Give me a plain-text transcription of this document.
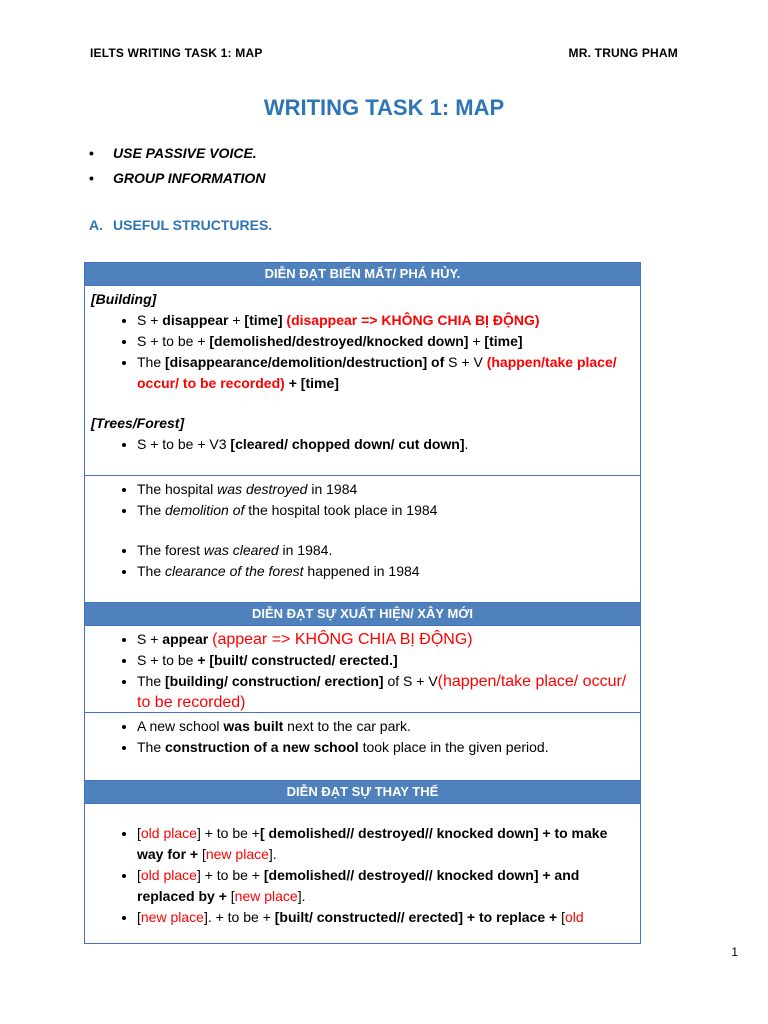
IELTS WRITING TASK 1: MAP	MR. TRUNG PHAM
WRITING TASK 1: MAP
• USE PASSIVE VOICE.
• GROUP INFORMATION
A. USEFUL STRUCTURES.
DIỄN ĐẠT BIẾN MẤT/ PHÁ HỦY.
[Building]
• S + disappear + [time] (disappear => KHÔNG CHIA BỊ ĐỘNG)
• S + to be + [demolished/destroyed/knocked down] + [time]
• The [disappearance/demolition/destruction] of S + V (happen/take place/ occur/ to be recorded) + [time]
[Trees/Forest]
• S + to be + V3 [cleared/ chopped down/ cut down].
• The hospital was destroyed in 1984
• The demolition of the hospital took place in 1984
• The forest was cleared in 1984.
• The clearance of the forest happened in 1984
DIỄN ĐẠT SỰ XUẤT HIỆN/ XÂY MỚI
• S + appear (appear => KHÔNG CHIA BỊ ĐỘNG)
• S + to be + [built/ constructed/ erected.]
• The [building/ construction/ erection] of S + V(happen/take place/ occur/ to be recorded)
• A new school was built next to the car park.
• The construction of a new school took place in the given period.
DIỄN ĐẠT SỰ THAY THẾ
• [old place] + to be +[ demolished// destroyed// knocked down] + to make way for + [new place].
• [old place] + to be + [demolished// destroyed// knocked down] + and replaced by + [new place].
• [new place]. + to be + [built/ constructed// erected] + to replace + [old
1
